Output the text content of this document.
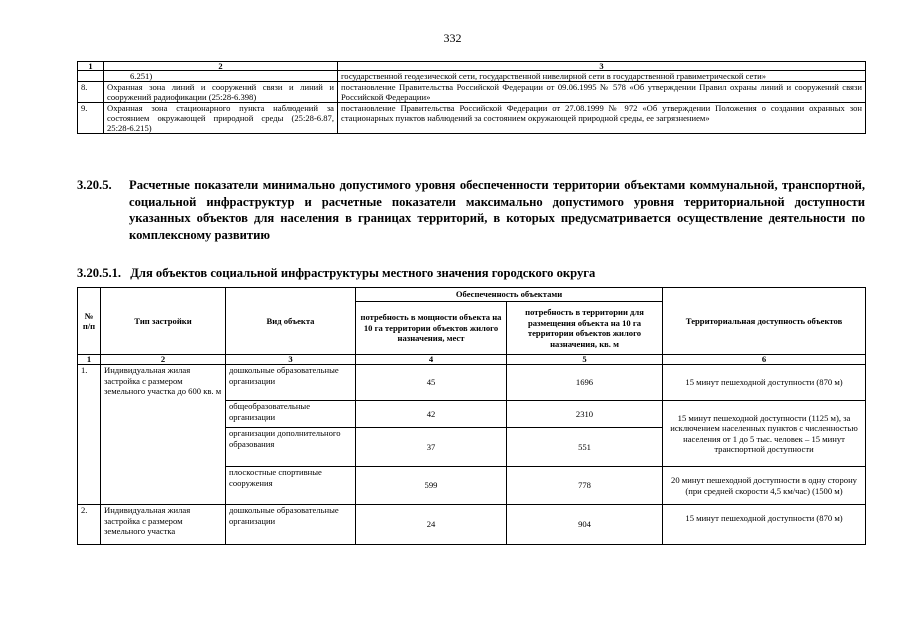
332
1	2	3
	6.251)	государственной геодезической сети, государственной нивелирной сети в государственной гравиметрической сети»
8.	Охранная зона линий и сооружений связи и линий и сооружений радиофикации (25:28-6.398)	постановление Правительства Российской Федерации от 09.06.1995 № 578 «Об утверждении Правил охраны линий и сооружений связи Российской Федерации»
9.	Охранная зона стационарного пункта наблюдений за состоянием окружающей природной среды (25:28-6.87, 25:28-6.215)	постановление Правительства Российской Федерации от 27.08.1999 № 972 «Об утверждении Положения о создании охранных зон стационарных пунктов наблюдений за состоянием окружающей природной среды, ее загрязнением»
3.20.5. Расчетные показатели минимально допустимого уровня обеспеченности территории объектами коммунальной, транспортной, социальной инфраструктур и расчетные показатели максимально допустимого уровня территориальной доступности указанных объектов для населения в границах территорий, в которых предусматривается осуществление деятельности по комплексному развитию
3.20.5.1. Для объектов социальной инфраструктуры местного значения городского округа
№ п/п	Тип застройки	Вид объекта	Обеспеченность объектами		Территориальная доступность объектов
			потребность в мощности объекта на 10 га территории объектов жилого назначения, мест	потребность в территории для размещения объекта на 10 га территории объектов жилого назначения, кв. м	
1	2	3	4	5	6
1.	Индивидуальная жилая застройка с размером земельного участка до 600 кв. м	дошкольные образовательные организации	45	1696	15 минут пешеходной доступности (870 м)
		общеобразовательные организации	42	2310	15 минут пешеходной доступности (1125 м), за исключением населенных пунктов с численностью населения от 1 до 5 тыс. человек – 15 минут транспортной доступности
		организации дополнительного образования	37	551	
		плоскостные спортивные сооружения	599	778	20 минут пешеходной доступности в одну сторону (при средней скорости 4,5 км/час) (1500 м)
2.	Индивидуальная жилая застройка с размером земельного участка	дошкольные образовательные организации	24	904	15 минут пешеходной доступности (870 м)
